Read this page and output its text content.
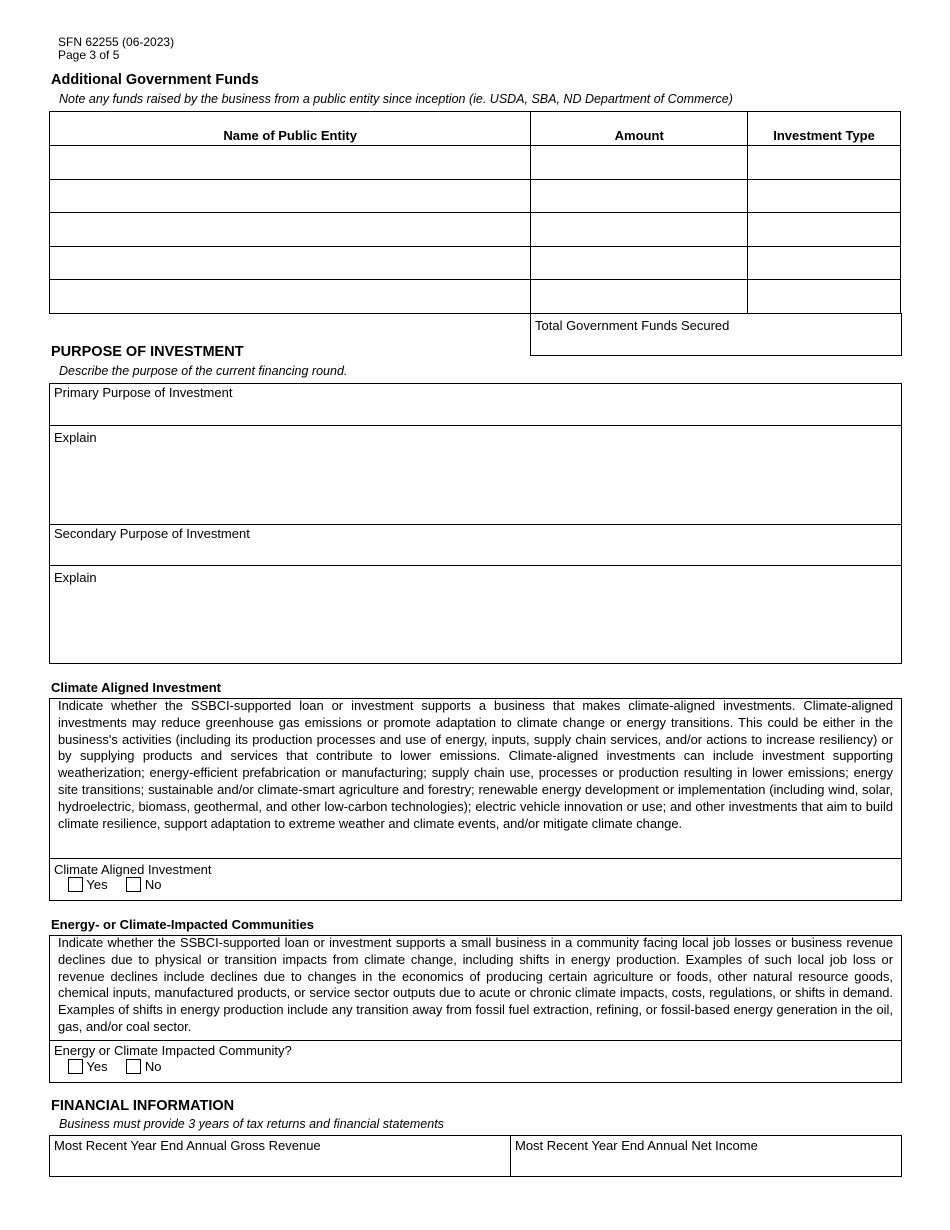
SFN 62255 (06-2023)
Page 3 of 5
Additional Government Funds
Note any funds raised by the business from a public entity since inception (ie. USDA, SBA, ND Department of Commerce)
Name of Public Entity	Amount	Investment Type

Total Government Funds Secured
PURPOSE OF INVESTMENT
Describe the purpose of the current financing round.
Primary Purpose of Investment
Explain
Secondary Purpose of Investment
Explain
Climate Aligned Investment
Indicate whether the SSBCI-supported loan or investment supports a business that makes climate-aligned investments. Climate-aligned investments may reduce greenhouse gas emissions or promote adaptation to climate change or energy transitions. This could be either in the business's activities (including its production processes and use of energy, inputs, supply chain services, and/or actions to increase resiliency) or by supplying products and services that contribute to lower emissions. Climate-aligned investments can include investment supporting weatherization; energy-efficient prefabrication or manufacturing; supply chain use, processes or production resulting in lower emissions; energy site transitions; sustainable and/or climate-smart agriculture and forestry; renewable energy development or implementation (including wind, solar, hydroelectric, biomass, geothermal, and other low-carbon technologies); electric vehicle innovation or use; and other investments that aim to build climate resilience, support adaptation to extreme weather and climate events, and/or mitigate climate change.
Climate Aligned Investment
Yes	No
Energy- or Climate-Impacted Communities
Indicate whether the SSBCI-supported loan or investment supports a small business in a community facing local job losses or business revenue declines due to physical or transition impacts from climate change, including shifts in energy production. Examples of such local job loss or revenue declines include declines due to changes in the economics of producing certain agriculture or foods, other natural resource goods, chemical inputs, manufactured products, or service sector outputs due to acute or chronic climate impacts, costs, regulations, or shifts in demand. Examples of shifts in energy production include any transition away from fossil fuel extraction, refining, or fossil-based energy generation in the oil, gas, and/or coal sector.
Energy or Climate Impacted Community?
Yes	No
FINANCIAL INFORMATION
Business must provide 3 years of tax returns and financial statements
Most Recent Year End Annual Gross Revenue	Most Recent Year End Annual Net Income
